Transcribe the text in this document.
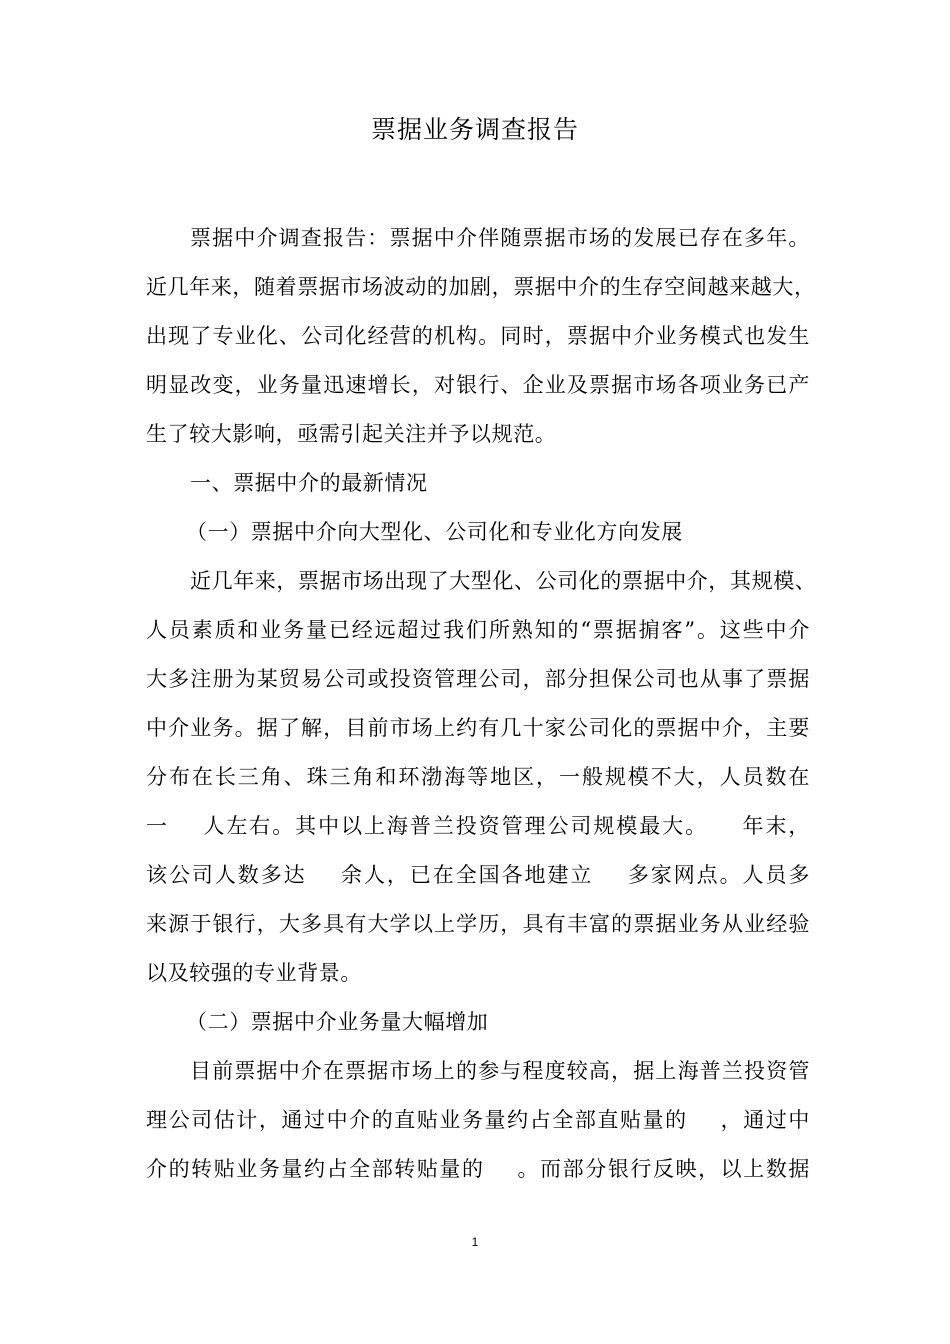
票据业务调查报告
票据中介调查报告：票据中介伴随票据市场的发展已存在多年。
近几年来，随着票据市场波动的加剧，票据中介的生存空间越来越大，
出现了专业化、公司化经营的机构。同时，票据中介业务模式也发生
明显改变，业务量迅速增长，对银行、企业及票据市场各项业务已产
生了较大影响，亟需引起关注并予以规范。
一、票据中介的最新情况
（一）票据中介向大型化、公司化和专业化方向发展
近几年来，票据市场出现了大型化、公司化的票据中介，其规模、
人员素质和业务量已经远超过我们所熟知的“票据掮客”。这些中介
大多注册为某贸易公司或投资管理公司，部分担保公司也从事了票据
中介业务。据了解，目前市场上约有几十家公司化的票据中介，主要
分布在长三角、珠三角和环渤海等地区，一般规模不大，人员数在
一    人左右。其中以上海普兰投资管理公司规模最大。    年末，
该公司人数多达    余人，已在全国各地建立    多家网点。人员多
来源于银行，大多具有大学以上学历，具有丰富的票据业务从业经验
以及较强的专业背景。
（二）票据中介业务量大幅增加
目前票据中介在票据市场上的参与程度较高，据上海普兰投资管
理公司估计，通过中介的直贴业务量约占全部直贴量的    ，通过中
介的转贴业务量约占全部转贴量的    。而部分银行反映，以上数据
1
